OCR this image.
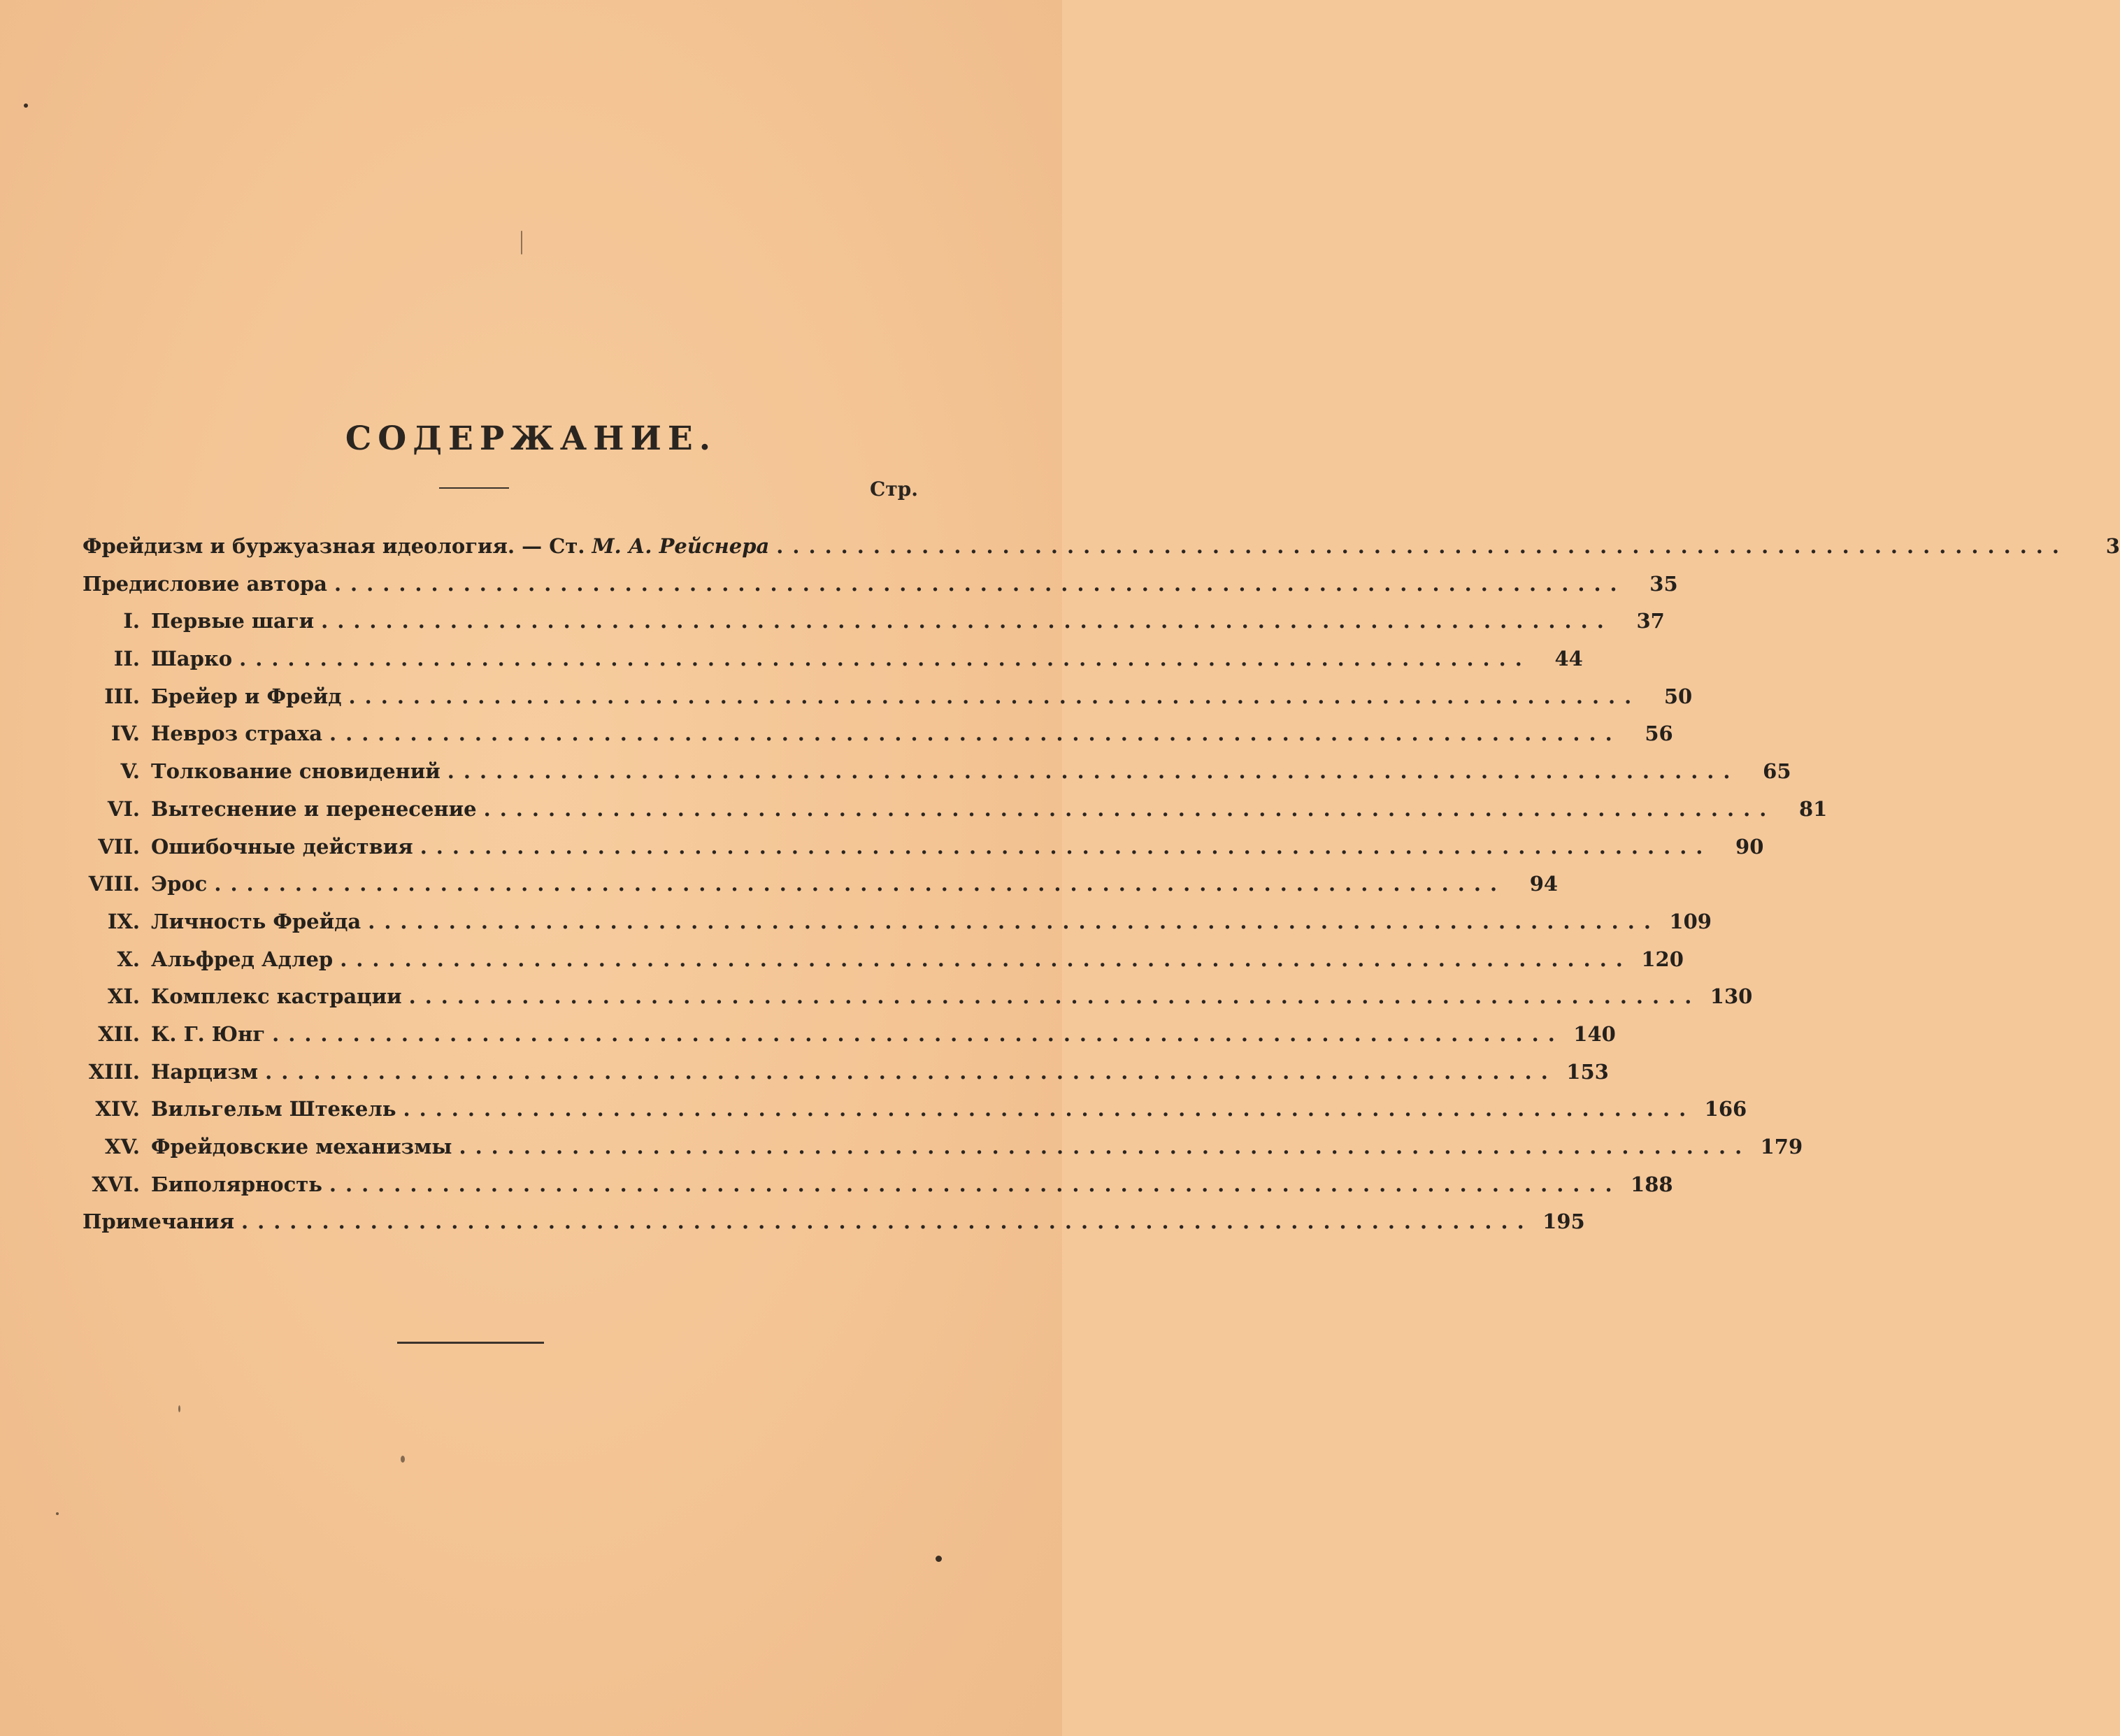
СОДЕРЖАНИЕ.
Стр.
Фрейдизм и буржуазная идеология. — Ст. М. А. Рейснера ................................................................................	3
Предисловие автора ................................................................................	35
I. Первые шаги ................................................................................	37
II. Шарко ................................................................................	44
III. Брейер и Фрейд ................................................................................	50
IV. Невроз страха ................................................................................	56
V. Толкование сновидений ................................................................................	65
VI. Вытеснение и перенесение ................................................................................	81
VII. Ошибочные действия ................................................................................	90
VIII. Эрос ................................................................................	94
IX. Личность Фрейда ................................................................................ 109
X. Альфред Адлер ................................................................................ 120
XI. Комплекс кастрации ................................................................................ 130
XII. К. Г. Юнг ................................................................................ 140
XIII. Нарцизм ................................................................................ 153
XIV. Вильгельм Штекель ................................................................................ 166
XV. Фрейдовские механизмы ................................................................................ 179
XVI. Биполярность ................................................................................ 188
Примечания ................................................................................ 195
